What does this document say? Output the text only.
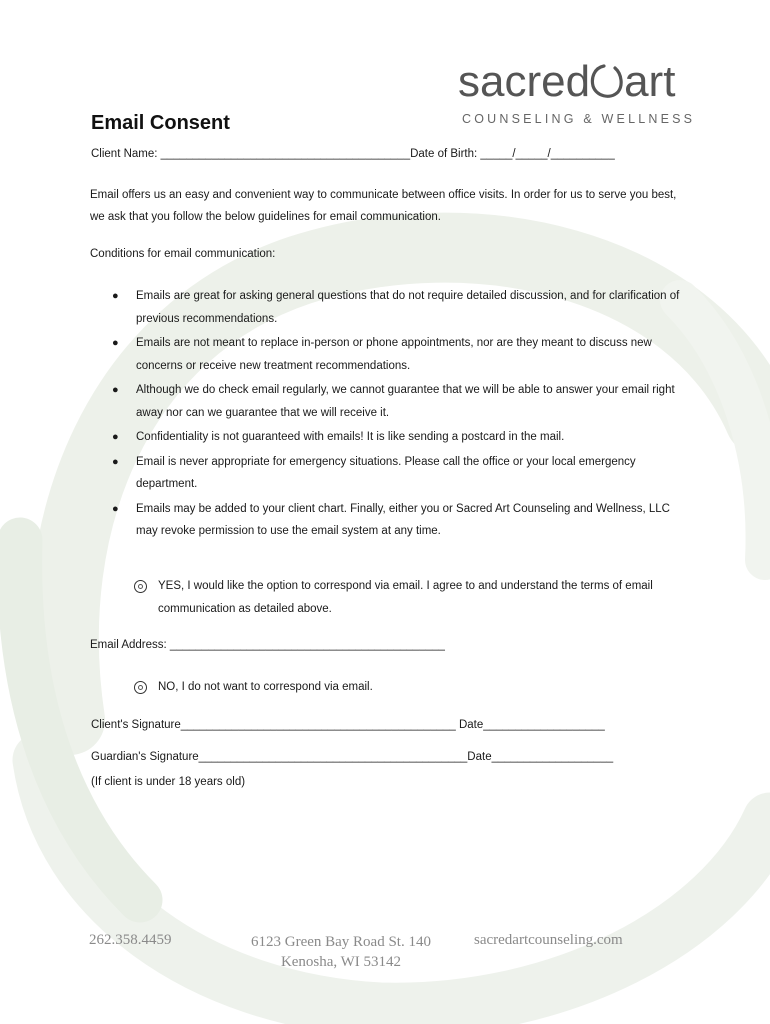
sacred art
COUNSELING & WELLNESS
Email Consent
Client Name: _______________________________________Date of Birth: _____/_____/__________
Email offers us an easy and convenient way to communicate between office visits. In order for us to serve you best, we ask that you follow the below guidelines for email communication.
Conditions for email communication:
● Emails are great for asking general questions that do not require detailed discussion, and for clarification of previous recommendations.
● Emails are not meant to replace in-person or phone appointments, nor are they meant to discuss new concerns or receive new treatment recommendations.
● Although we do check email regularly, we cannot guarantee that we will be able to answer your email right away nor can we guarantee that we will receive it.
● Confidentiality is not guaranteed with emails! It is like sending a postcard in the mail.
● Email is never appropriate for emergency situations. Please call the office or your local emergency department.
● Emails may be added to your client chart. Finally, either you or Sacred Art Counseling and Wellness, LLC may revoke permission to use the email system at any time.
YES, I would like the option to correspond via email. I agree to and understand the terms of email communication as detailed above.
Email Address: ___________________________________________
NO, I do not want to correspond via email.
Client's Signature___________________________________________ Date___________________
Guardian's Signature__________________________________________Date___________________
(If client is under 18 years old)
262.358.4459	6123 Green Bay Road St. 140
Kenosha, WI 53142
sacredartcounseling.com
